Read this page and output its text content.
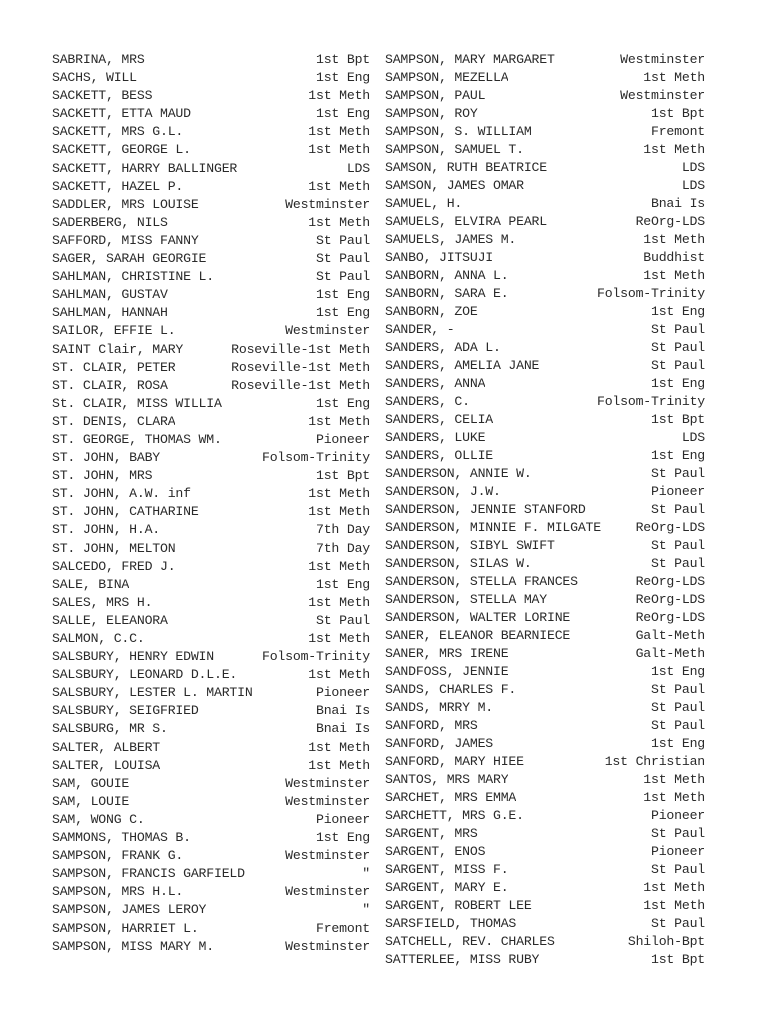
SABRINA, MRS	1st Bpt
SACHS, WILL	1st Eng
SACKETT, BESS	1st Meth
SACKETT, ETTA MAUD	1st Eng
SACKETT, MRS G.L.	1st Meth
SACKETT, GEORGE L.	1st Meth
SACKETT, HARRY BALLINGER	LDS
SACKETT, HAZEL P.	1st Meth
SADDLER, MRS LOUISE	Westminster
SADERBERG, NILS	1st Meth
SAFFORD, MISS FANNY	St Paul
SAGER, SARAH GEORGIE	St Paul
SAHLMAN, CHRISTINE L.	St Paul
SAHLMAN, GUSTAV	1st Eng
SAHLMAN, HANNAH	1st Eng
SAILOR, EFFIE L.	Westminster
SAINT Clair, MARY	Roseville-1st Meth
ST. CLAIR, PETER	Roseville-1st Meth
ST. CLAIR, ROSA	Roseville-1st Meth
St. CLAIR, MISS WILLIA	1st Eng
ST. DENIS, CLARA	1st Meth
ST. GEORGE, THOMAS WM.	Pioneer
ST. JOHN, BABY	Folsom-Trinity
ST. JOHN, MRS	1st Bpt
ST. JOHN, A.W. inf	1st Meth
ST. JOHN, CATHARINE	1st Meth
ST. JOHN, H.A.	7th Day
ST. JOHN, MELTON	7th Day
SALCEDO, FRED J.	1st Meth
SALE, BINA	1st Eng
SALES, MRS H.	1st Meth
SALLE, ELEANORA	St Paul
SALMON, C.C.	1st Meth
SALSBURY, HENRY EDWIN	Folsom-Trinity
SALSBURY, LEONARD D.L.E.	1st Meth
SALSBURY, LESTER L. MARTIN	Pioneer
SALSBURY, SEIGFRIED	Bnai Is
SALSBURG, MR S.	Bnai Is
SALTER, ALBERT	1st Meth
SALTER, LOUISA	1st Meth
SAM, GOUIE	Westminster
SAM, LOUIE	Westminster
SAM, WONG C.	Pioneer
SAMMONS, THOMAS B.	1st Eng
SAMPSON, FRANK G.	Westminster
SAMPSON, FRANCIS GARFIELD	"
SAMPSON, MRS H.L.	Westminster
SAMPSON, JAMES LEROY	"
SAMPSON, HARRIET L.	Fremont
SAMPSON, MISS MARY M.	Westminster
SAMPSON, MARY MARGARET	Westminster
SAMPSON, MEZELLA	1st Meth
SAMPSON, PAUL	Westminster
SAMPSON, ROY	1st Bpt
SAMPSON, S. WILLIAM	Fremont
SAMPSON, SAMUEL T.	1st Meth
SAMSON, RUTH BEATRICE	LDS
SAMSON, JAMES OMAR	LDS
SAMUEL, H.	Bnai Is
SAMUELS, ELVIRA PEARL	ReOrg-LDS
SAMUELS, JAMES M.	1st Meth
SANBO, JITSUJI	Buddhist
SANBORN, ANNA L.	1st Meth
SANBORN, SARA E.	Folsom-Trinity
SANBORN, ZOE	1st Eng
SANDER, -	St Paul
SANDERS, ADA L.	St Paul
SANDERS, AMELIA JANE	St Paul
SANDERS, ANNA	1st Eng
SANDERS, C.	Folsom-Trinity
SANDERS, CELIA	1st Bpt
SANDERS, LUKE	LDS
SANDERS, OLLIE	1st Eng
SANDERSON, ANNIE W.	St Paul
SANDERSON, J.W.	Pioneer
SANDERSON, JENNIE STANFORD	St Paul
SANDERSON, MINNIE F. MILGATE	ReOrg-LDS
SANDERSON, SIBYL SWIFT	St Paul
SANDERSON, SILAS W.	St Paul
SANDERSON, STELLA FRANCES	ReOrg-LDS
SANDERSON, STELLA MAY	ReOrg-LDS
SANDERSON, WALTER LORINE	ReOrg-LDS
SANER, ELEANOR BEARNIECE	Galt-Meth
SANER, MRS IRENE	Galt-Meth
SANDFOSS, JENNIE	1st Eng
SANDS, CHARLES F.	St Paul
SANDS, MRRY M.	St Paul
SANFORD, MRS	St Paul
SANFORD, JAMES	1st Eng
SANFORD, MARY HIEE	1st Christian
SANTOS, MRS MARY	1st Meth
SARCHET, MRS EMMA	1st Meth
SARCHETT, MRS G.E.	Pioneer
SARGENT, MRS	St Paul
SARGENT, ENOS	Pioneer
SARGENT, MISS F.	St Paul
SARGENT, MARY E.	1st Meth
SARGENT, ROBERT LEE	1st Meth
SARSFIELD, THOMAS	St Paul
SATCHELL, REV. CHARLES	Shiloh-Bpt
SATTERLEE, MISS RUBY	1st Bpt
